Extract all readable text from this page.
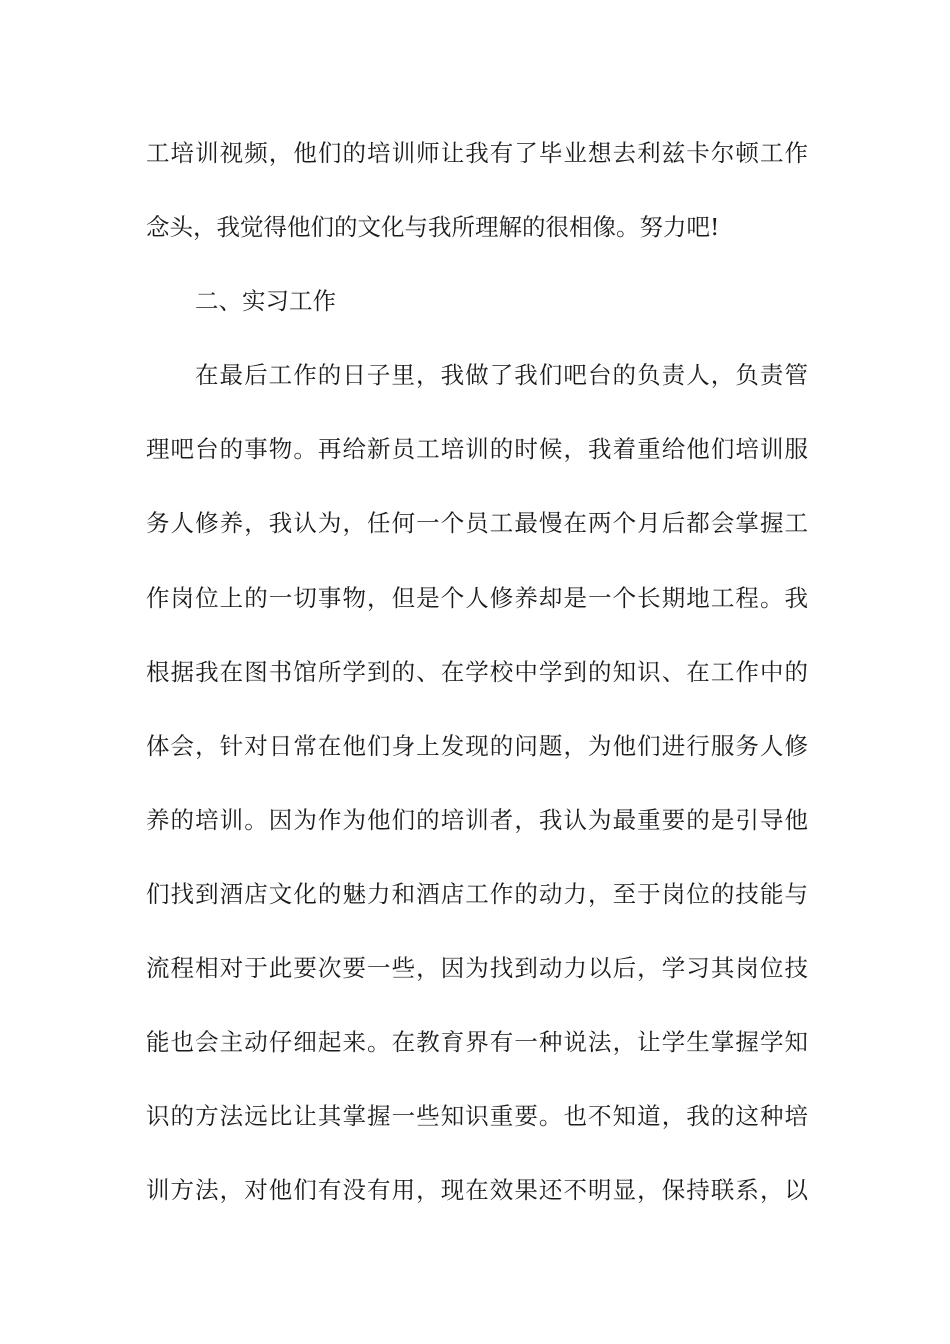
工培训视频，他们的培训师让我有了毕业想去利兹卡尔顿工作
念头，我觉得他们的文化与我所理解的很相像。努力吧!
二、实习工作
在最后工作的日子里，我做了我们吧台的负责人，负责管
理吧台的事物。再给新员工培训的时候，我着重给他们培训服
务人修养，我认为，任何一个员工最慢在两个月后都会掌握工
作岗位上的一切事物，但是个人修养却是一个长期地工程。我
根据我在图书馆所学到的、在学校中学到的知识、在工作中的
体会，针对日常在他们身上发现的问题，为他们进行服务人修
养的培训。因为作为他们的培训者，我认为最重要的是引导他
们找到酒店文化的魅力和酒店工作的动力，至于岗位的技能与
流程相对于此要次要一些，因为找到动力以后，学习其岗位技
能也会主动仔细起来。在教育界有一种说法，让学生掌握学知
识的方法远比让其掌握一些知识重要。也不知道，我的这种培
训方法，对他们有没有用，现在效果还不明显，保持联系，以
